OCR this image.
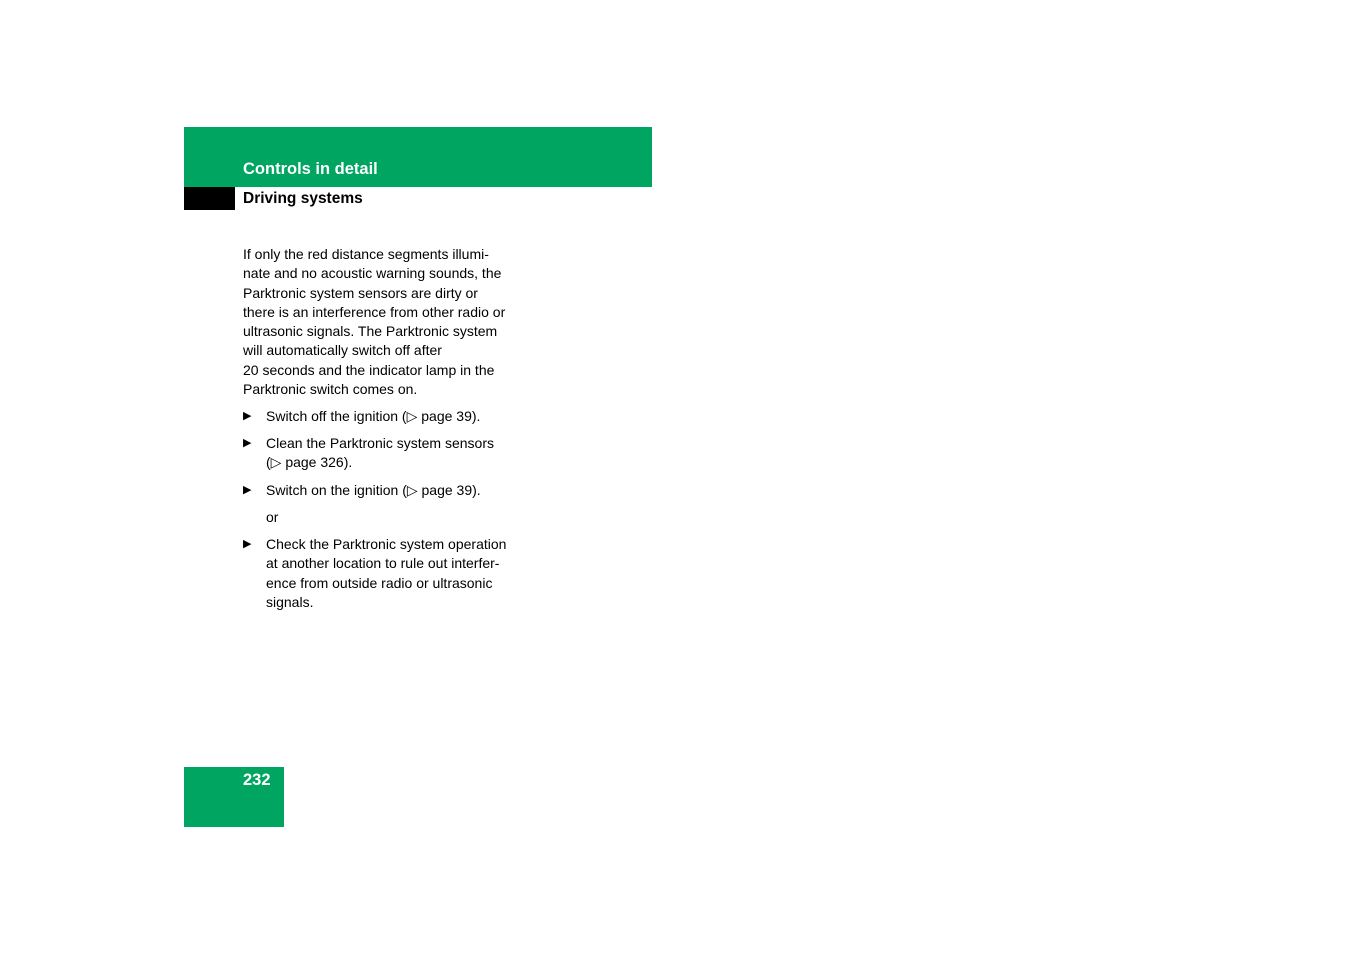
Controls in detail
Driving systems
If only the red distance segments illumi-
nate and no acoustic warning sounds, the
Parktronic system sensors are dirty or
there is an interference from other radio or
ultrasonic signals. The Parktronic system
will automatically switch off after
20 seconds and the indicator lamp in the
Parktronic switch comes on.
▶ Switch off the ignition (▷ page 39).
▶ Clean the Parktronic system sensors
(▷ page 326).
▶ Switch on the ignition (▷ page 39).
or
▶ Check the Parktronic system operation
at another location to rule out interfer-
ence from outside radio or ultrasonic
signals.
232
